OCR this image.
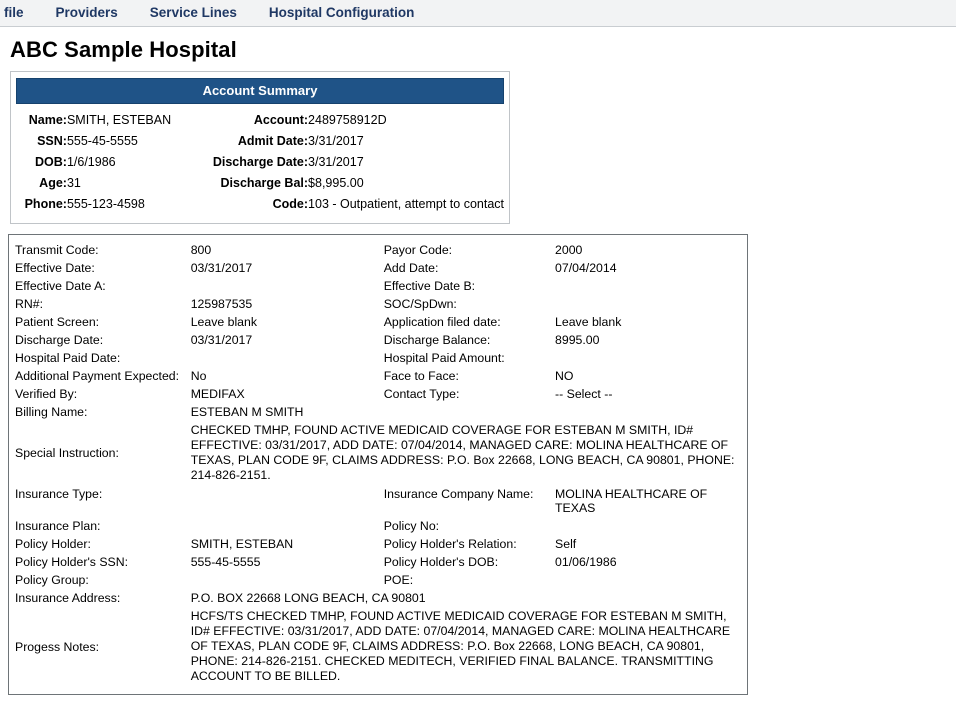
file	Providers	Service Lines	Hospital Configuration
ABC Sample Hospital
Account Summary
Name:	SMITH, ESTEBAN	Account:	2489758912D
SSN:	555-45-5555	Admit Date:	3/31/2017
DOB:	1/6/1986	Discharge Date:	3/31/2017
Age:	31	Discharge Bal:	$8,995.00
Phone:	555-123-4598	Code:	103 - Outpatient, attempt to contact
Transmit Code:	800	Payor Code:	2000
Effective Date:	03/31/2017	Add Date:	07/04/2014
Effective Date A:		Effective Date B:	
RN#:	125987535	SOC/SpDwn:	
Patient Screen:	Leave blank	Application filed date:	Leave blank
Discharge Date:	03/31/2017	Discharge Balance:	8995.00
Hospital Paid Date:		Hospital Paid Amount:	
Additional Payment Expected:	No	Face to Face:	NO
Verified By:	MEDIFAX	Contact Type:	-- Select --
Billing Name:	ESTEBAN M SMITH		
Special Instruction:	CHECKED TMHP, FOUND ACTIVE MEDICAID COVERAGE FOR ESTEBAN M SMITH, ID# EFFECTIVE: 03/31/2017, ADD DATE: 07/04/2014, MANAGED CARE: MOLINA HEALTHCARE OF TEXAS, PLAN CODE 9F, CLAIMS ADDRESS: P.O. Box 22668, LONG BEACH, CA 90801, PHONE: 214-826-2151.		
Insurance Type:		Insurance Company Name:	MOLINA HEALTHCARE OF TEXAS
Insurance Plan:		Policy No:	
Policy Holder:	SMITH, ESTEBAN	Policy Holder's Relation:	Self
Policy Holder's SSN:	555-45-5555	Policy Holder's DOB:	01/06/1986
Policy Group:		POE:	
Insurance Address:	P.O. BOX 22668 LONG BEACH, CA 90801		
Progess Notes:	HCFS/TS CHECKED TMHP, FOUND ACTIVE MEDICAID COVERAGE FOR ESTEBAN M SMITH, ID# EFFECTIVE: 03/31/2017, ADD DATE: 07/04/2014, MANAGED CARE: MOLINA HEALTHCARE OF TEXAS, PLAN CODE 9F, CLAIMS ADDRESS: P.O. Box 22668, LONG BEACH, CA 90801, PHONE: 214-826-2151. CHECKED MEDITECH, VERIFIED FINAL BALANCE. TRANSMITTING ACCOUNT TO BE BILLED.		
